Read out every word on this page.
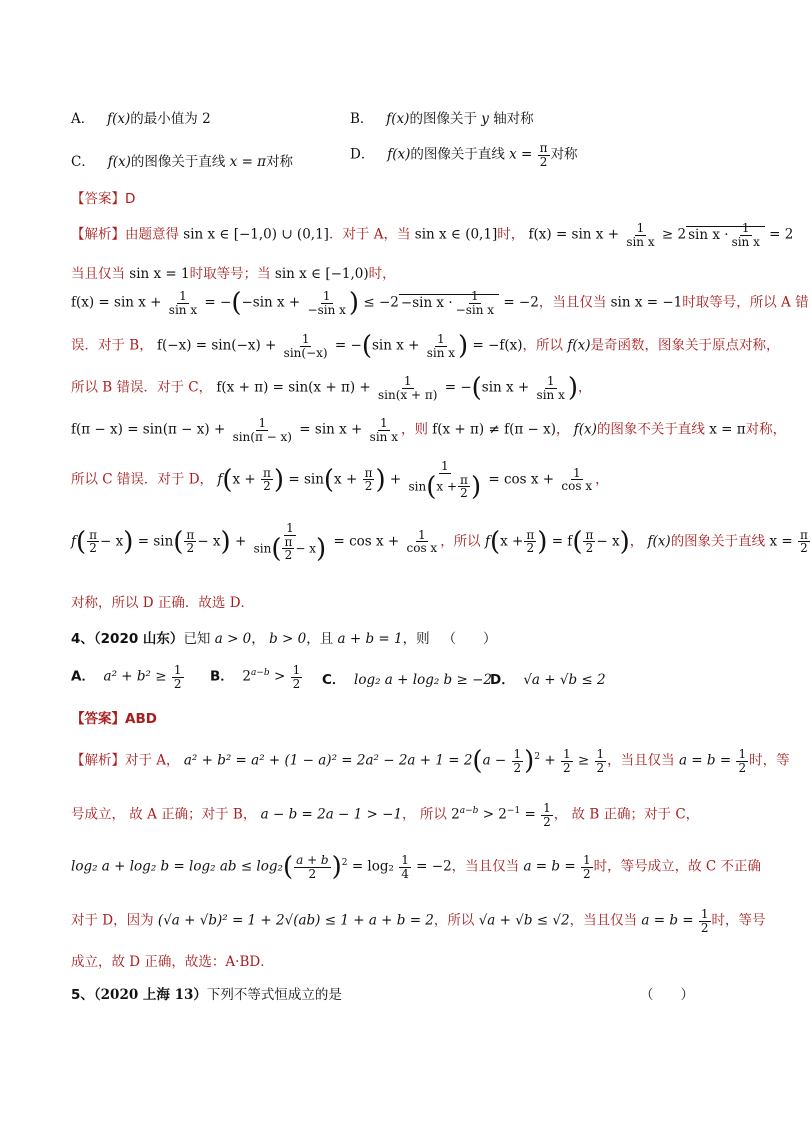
A． f(x)的最小值为 2	B． f(x)的图像关于 y 轴对称
C． f(x)的图像关于直线 x = π对称	D． f(x)的图像关于直线 $x = \frac{\pi}{2}$ 对称
【答案】D
【解析】由题意得 sin x ∈ [−1,0) ∪ (0,1]．对于 A，当 sin x ∈ (0,1]时， $f(x) = \sin x + \frac{1}{\text{sin x}} \ge 2$ $\sin x \cdot \frac{1}{\text{sin x}} = 2$
当且仅当 sin x = 1时取等号；当 sin x ∈ [−1,0)时，
$f(x) = \sin x + \frac{1}{\text{sin x}} = -(-\sin$ $x + \frac{1}{\text{−sin x}}$ ) ≤ −2 −sin $x \cdot \frac{1}{\text{−sin x}} = -2$，当且仅当 sin x = −1时取等号，所以 A 错
误．对于 B， $f(-x) = \sin(-x) + \frac{1}{\sin(-x)} = -(\sin$ $x + \frac{1}{\text{sin x}}$ ) = −f(x)，所以 f(x)是奇函数，图象关于原点对称，
所以 B 错误．对于 C， $f(x + \pi) = \sin(x + \pi) + \frac{1}{\sin(x + \pi)} = -(\sin$ $x + \frac{1}{\text{sin x}}$ )，
$f(\pi - x) = \sin(\pi - x) + \frac{1}{\sin(\pi - x)} = \sin x + \frac{1}{\text{sin x}}$ ，则 f(x + π) ≠ f(π − x)， f(x)的图象不关于直线 x = π对称，
所以 C 错误．对于 D， $f(x + \frac{\pi}{2}$ ) = $\sin(x + \frac{\pi}{2}$ ) + $\frac{1}{\sin(x + \frac{\pi}{2} )} = \cos x + \frac{1}{\text{cos x}}$ ，
$f( \frac{\pi}{2} - x) = \sin( \frac{\pi}{2} - x) + \frac{1}{\sin( \frac{\pi}{2} - x)} = \cos x + \frac{1}{\text{cos x}}$ ，所以 $f(x + \frac{\pi}{2}$ ) = $f( \frac{\pi}{2} - x)$， f(x)的图象关于直线 $x = \frac{\pi}{2}$
对称，所以 D 正确．故选 D．
4、（2020 山东）已知 a > 0， b > 0，且 a + b = 1，则 （　　）
A． $a^2 + b^2 \ge \frac{1}{2}$ B． $2^{a-b} > \frac{1}{2}$ C． log₂ a + log₂ b ≥ −2
D． √a + √b ≤ 2
【答案】ABD
【解析】对于 A， $a^2 + b^2 = a^2 + (1 - a)^2 = 2a^2 - 2a + 1 = 2(a - \frac{1}{2} )^2 + \frac{1}{2} \ge \frac{1}{2}$ ，当且仅当 $a = b = \frac{1}{2}$ 时，等
号成立， 故 A 正确；对于 B， a − b = 2a − 1 > −1， 所以 $2^{a-b} > 2^{-1} = \frac{1}{2}$ ， 故 B 正确；对于 C，
log₂ a + log₂ b = log₂ ab ≤ $\log_2( \frac{a + b}{2} )^2 = \log_2 \frac{1}{4} = -2$，当且仅当 $a = b = \frac{1}{2}$ 时，等号成立，故 C 不正确
对于 D，因为 (√a + √b)² = 1 + 2√(ab) ≤ 1 + a + b = 2，所以 √a + √b ≤ √2，当且仅当 $a = b = \frac{1}{2}$ 时，等号
成立，故 D 正确，故选：A·BD．
5、（2020 上海 13）下列不等式恒成立的是	（　　）
